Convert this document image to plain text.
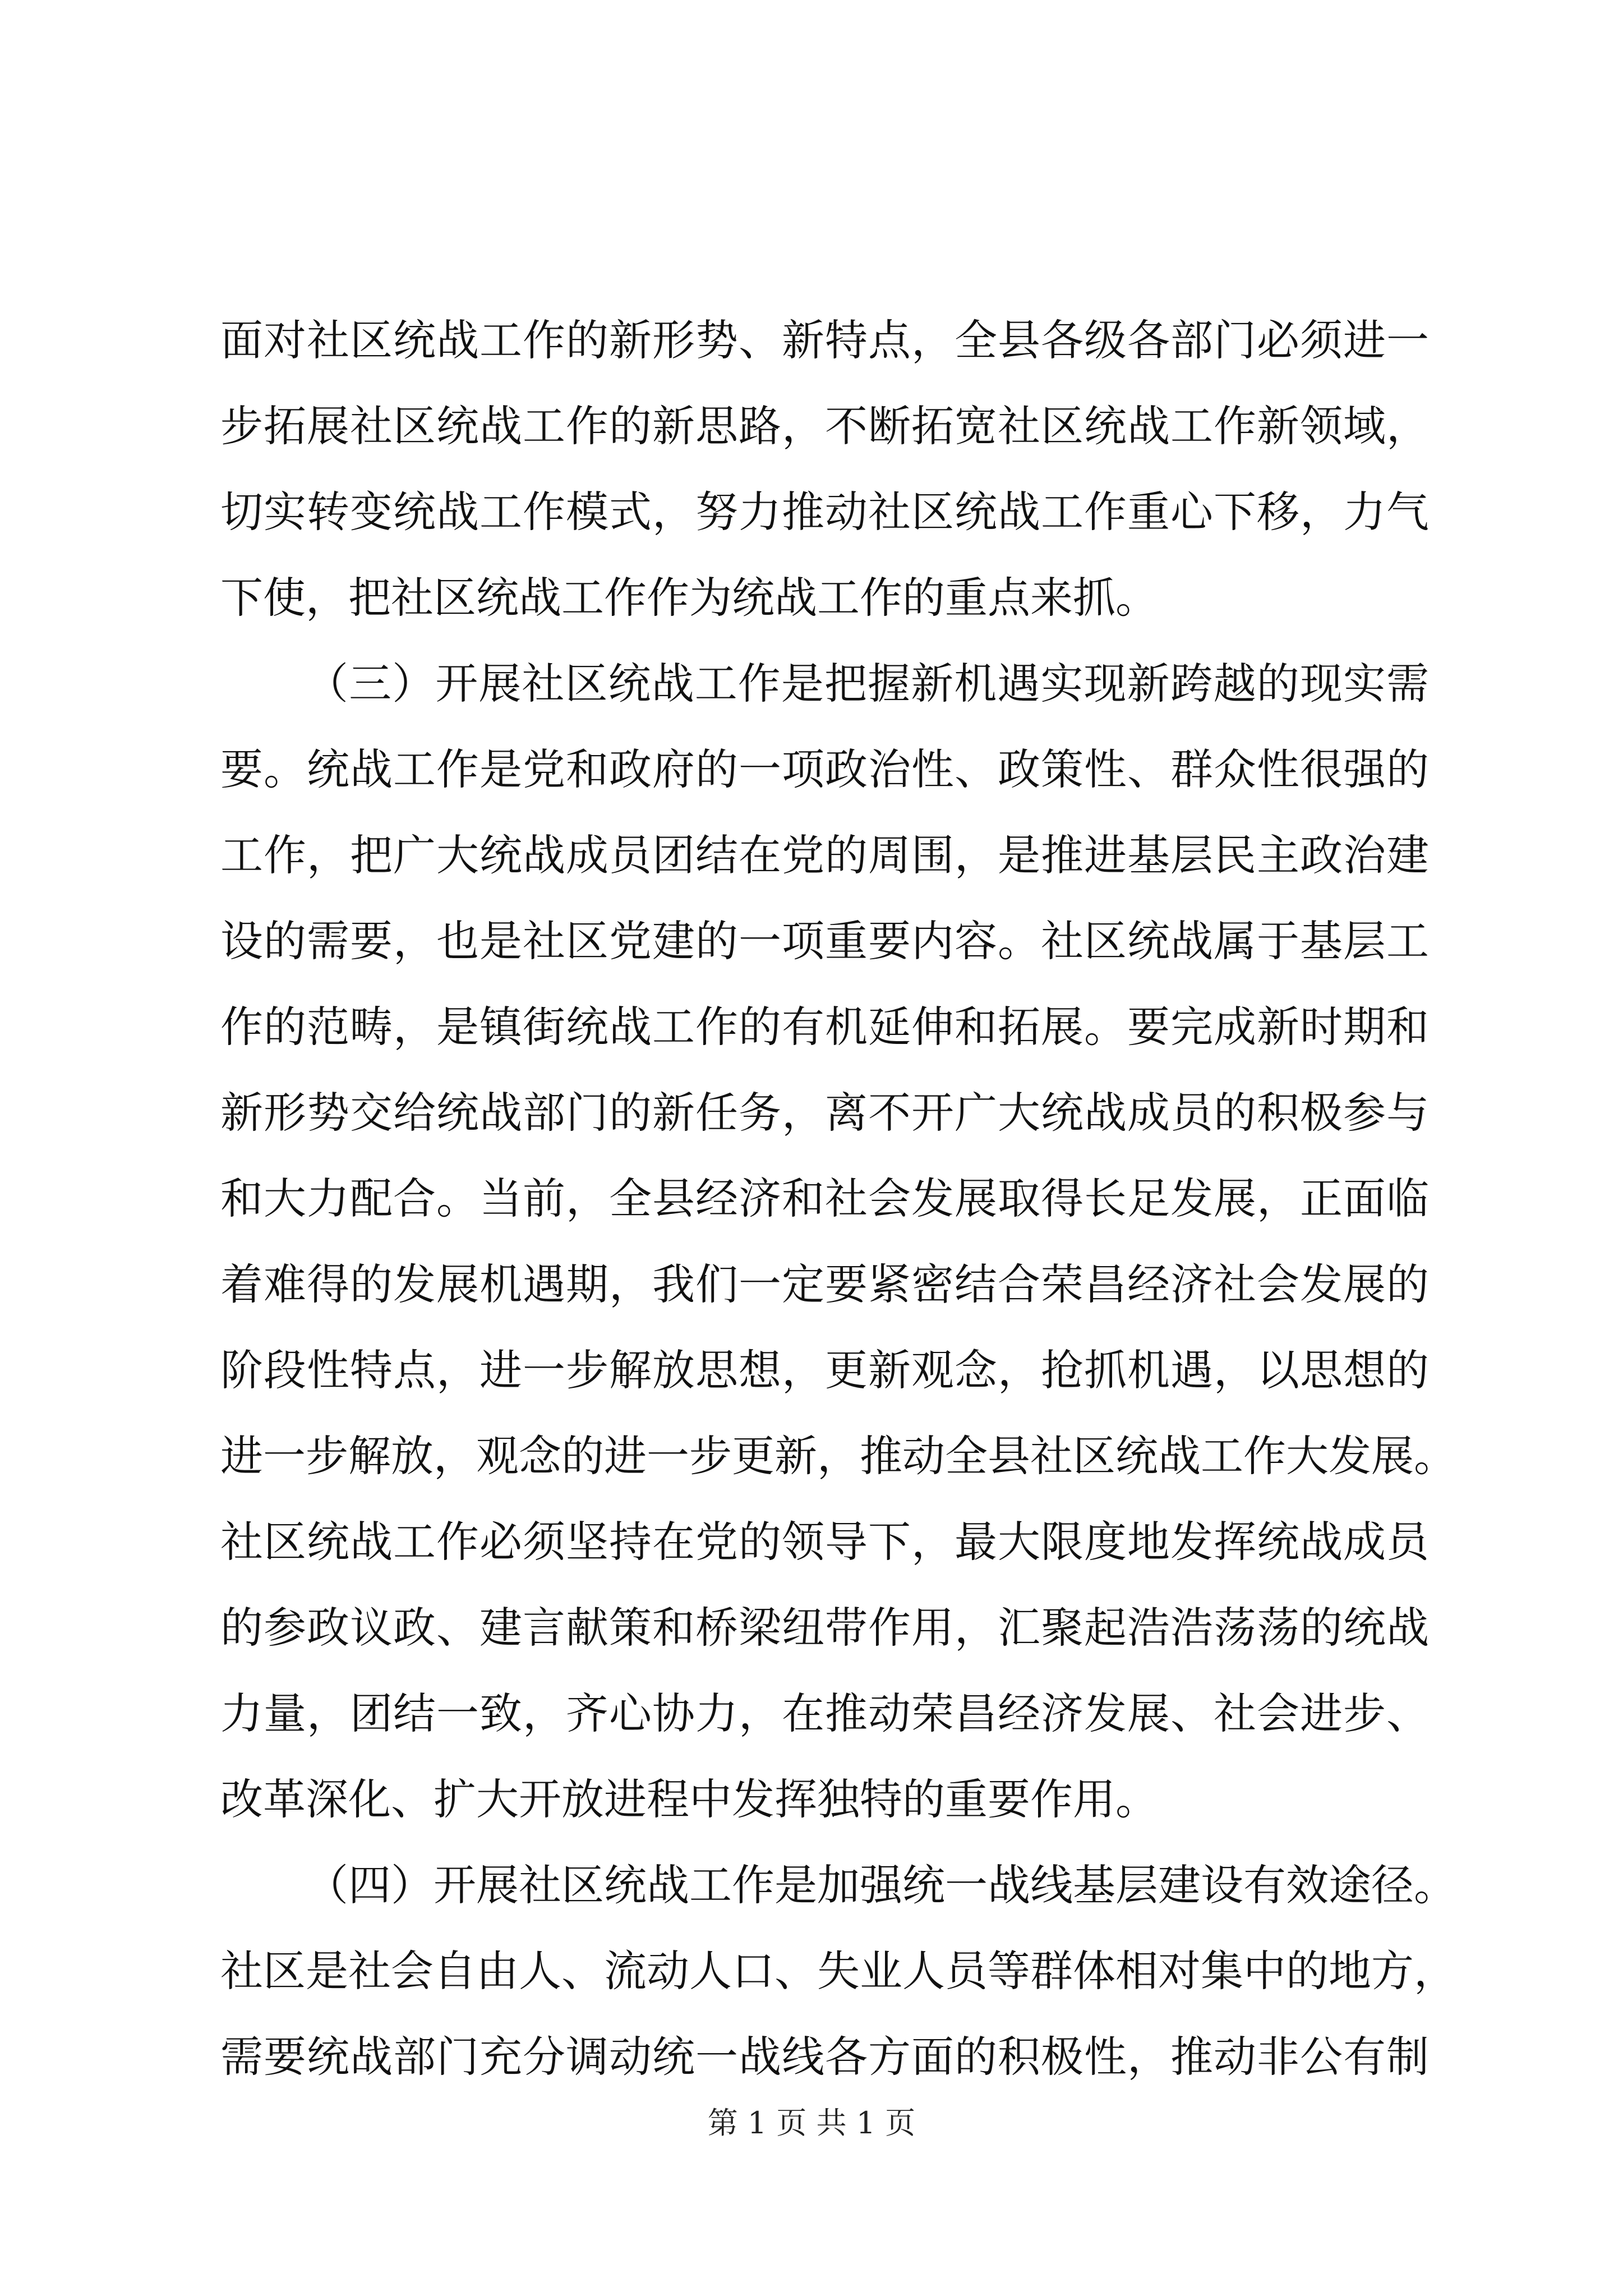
面对社区统战工作的新形势、新特点，全县各级各部门必须进一
步拓展社区统战工作的新思路，不断拓宽社区统战工作新领域，
切实转变统战工作模式，努力推动社区统战工作重心下移，力气
下使，把社区统战工作作为统战工作的重点来抓。
（三）开展社区统战工作是把握新机遇实现新跨越的现实需
要。统战工作是党和政府的一项政治性、政策性、群众性很强的
工作，把广大统战成员团结在党的周围，是推进基层民主政治建
设的需要，也是社区党建的一项重要内容。社区统战属于基层工
作的范畴，是镇街统战工作的有机延伸和拓展。要完成新时期和
新形势交给统战部门的新任务，离不开广大统战成员的积极参与
和大力配合。当前，全县经济和社会发展取得长足发展，正面临
着难得的发展机遇期，我们一定要紧密结合荣昌经济社会发展的
阶段性特点，进一步解放思想，更新观念，抢抓机遇，以思想的
进一步解放，观念的进一步更新，推动全县社区统战工作大发展。
社区统战工作必须坚持在党的领导下，最大限度地发挥统战成员
的参政议政、建言献策和桥梁纽带作用，汇聚起浩浩荡荡的统战
力量，团结一致，齐心协力，在推动荣昌经济发展、社会进步、
改革深化、扩大开放进程中发挥独特的重要作用。
（四）开展社区统战工作是加强统一战线基层建设有效途径。
社区是社会自由人、流动人口、失业人员等群体相对集中的地方，
需要统战部门充分调动统一战线各方面的积极性，推动非公有制
第 1 页 共 1 页
